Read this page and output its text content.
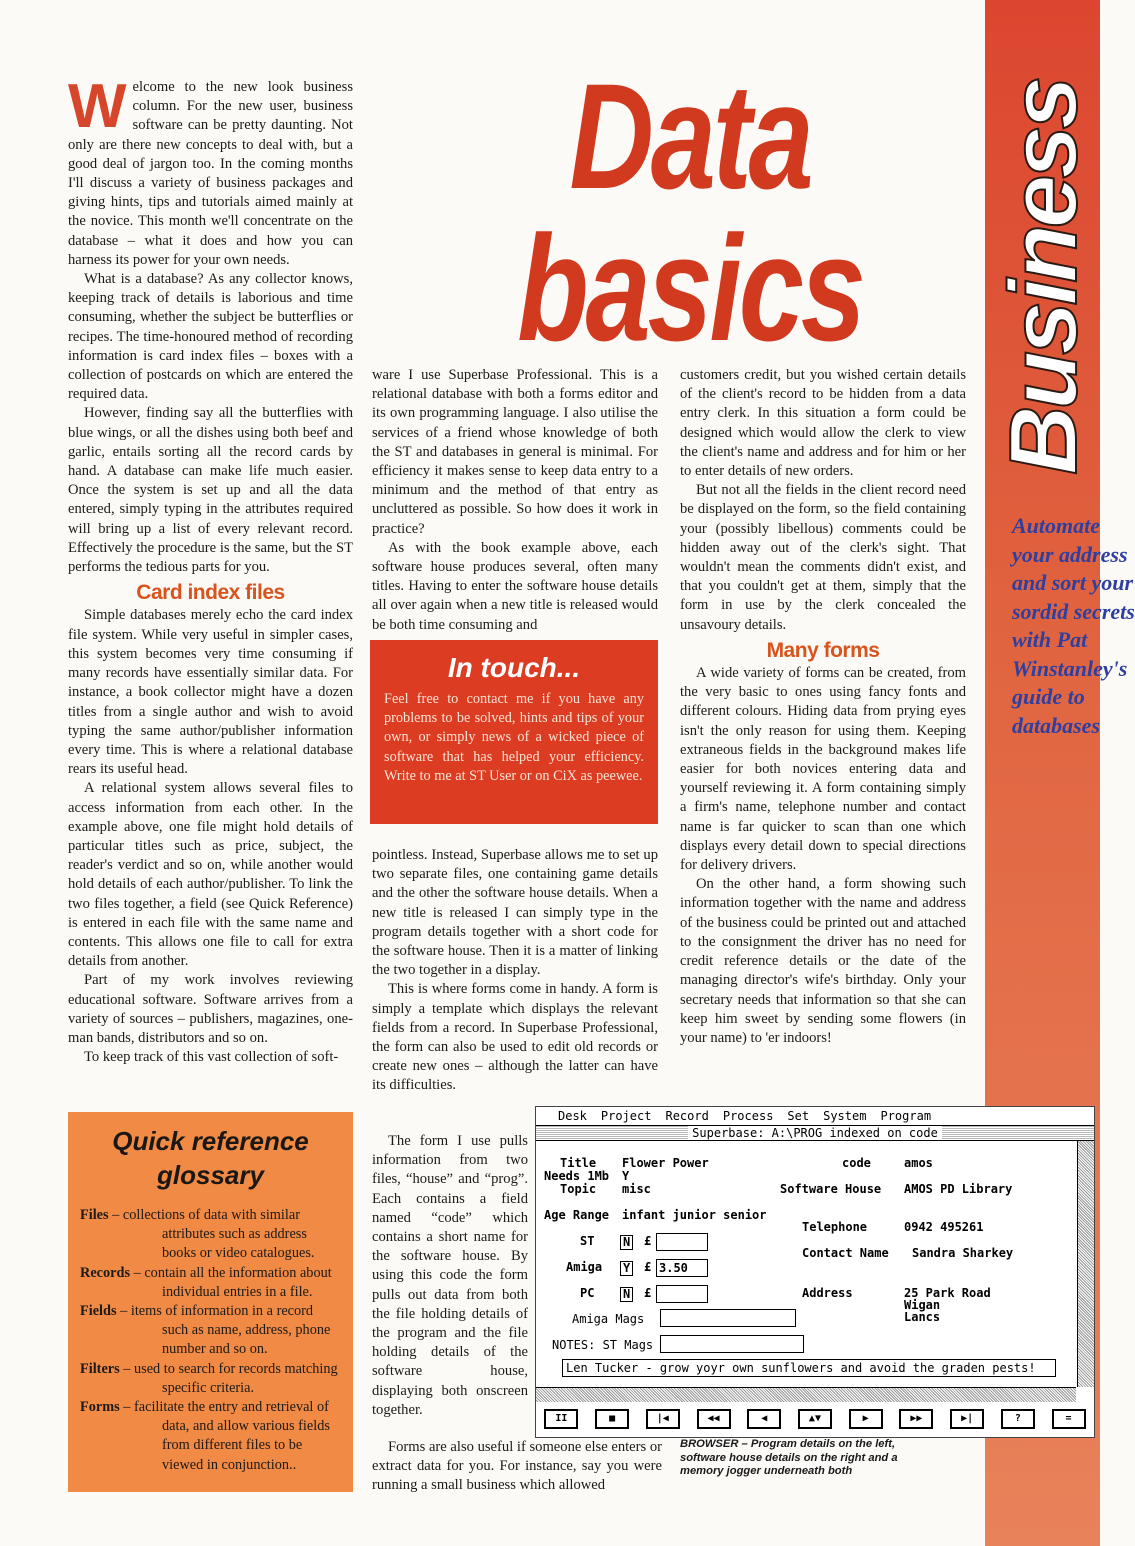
Data
basics Business
Automate
your address
and sort your
sordid secrets
with Pat
Winstanley's
guide to
databases

Welcome to the new look business column. For the new user, business software can be pretty daunting. Not only are there new concepts to deal with, but a good deal of jargon too. In the coming months I'll discuss a variety of business packages and giving hints, tips and tutorials aimed mainly at the novice. This month we'll concentrate on the database – what it does and how you can harness its power for your own needs.

What is a database? As any collector knows, keeping track of details is laborious and time consuming, whether the subject be butterflies or recipes. The time-honoured method of recording information is card index files – boxes with a collection of postcards on which are entered the required data.

However, finding say all the butterflies with blue wings, or all the dishes using both beef and garlic, entails sorting all the record cards by hand. A database can make life much easier. Once the system is set up and all the data entered, simply typing in the attributes required will bring up a list of every relevant record. Effectively the procedure is the same, but the ST performs the tedious parts for you.

Card index files

Simple databases merely echo the card index file system. While very useful in simpler cases, this system becomes very time consuming if many records have essentially similar data. For instance, a book collector might have a dozen titles from a single author and wish to avoid typing the same author/publisher information every time. This is where a relational database rears its useful head.

A relational system allows several files to access information from each other. In the example above, one file might hold details of particular titles such as price, subject, the reader's verdict and so on, while another would hold details of each author/publisher. To link the two files together, a field (see Quick Reference) is entered in each file with the same name and contents. This allows one file to call for extra details from another.

Part of my work involves reviewing educational software. Software arrives from a variety of sources – publishers, magazines, one-man bands, distributors and so on.

To keep track of this vast collection of soft-

ware I use Superbase Professional. This is a relational database with both a forms editor and its own programming language. I also utilise the services of a friend whose knowledge of both the ST and databases in general is minimal. For efficiency it makes sense to keep data entry to a minimum and the method of that entry as uncluttered as possible. So how does it work in practice?

As with the book example above, each software house produces several, often many titles. Having to enter the software house details all over again when a new title is released would be both time consuming and

In touch...

Feel free to contact me if you have any problems to be solved, hints and tips of your own, or simply news of a wicked piece of software that has helped your efficiency. Write to me at ST User or on CiX as peewee.

pointless. Instead, Superbase allows me to set up two separate files, one containing game details and the other the software house details. When a new title is released I can simply type in the program details together with a short code for the software house. Then it is a matter of linking the two together in a display.

This is where forms come in handy. A form is simply a template which displays the relevant fields from a record. In Superbase Professional, the form can also be used to edit old records or create new ones – although the latter can have its difficulties.

The form I use pulls information from two files, “house” and “prog”. Each contains a field named “code” which contains a short name for the software house. By using this code the form pulls out data from both the file holding details of the program and the file holding details of the software house, displaying both onscreen together.

Forms are also useful if someone else enters or extract data for you. For instance, say you were running a small business which allowed

customers credit, but you wished certain details of the client's record to be hidden from a data entry clerk. In this situation a form could be designed which would allow the clerk to view the client's name and address and for him or her to enter details of new orders.

But not all the fields in the client record need be displayed on the form, so the field containing your (possibly libellous) comments could be hidden away out of the clerk's sight. That wouldn't mean the comments didn't exist, and that you couldn't get at them, simply that the form in use by the clerk concealed the unsavoury details.

Many forms

A wide variety of forms can be created, from the very basic to ones using fancy fonts and different colours. Hiding data from prying eyes isn't the only reason for using them. Keeping extraneous fields in the background makes life easier for both novices entering data and yourself reviewing it. A form containing simply a firm's name, telephone number and contact name is far quicker to scan than one which displays every detail down to special directions for delivery drivers.

On the other hand, a form showing such information together with the name and address of the business could be printed out and attached to the consignment the driver has no need for credit reference details or the date of the managing director's wife's birthday. Only your secretary needs that information so that she can keep him sweet by sending some flowers (in your name) to 'er indoors!

Quick reference glossary
Files – collections of data with similar attributes such as address books or video catalogues.
Records – contain all the information about individual entries in a file.
Fields – items of information in a record such as name, address, phone number and so on.
Filters – used to search for records matching specific criteria.
Forms – facilitate the entry and retrieval of data, and allow various fields from different files to be viewed in conjunction..
Desk Project Record Process Set System Program
Superbase: A:\PROG indexed on code
Title Flower Power
Needs 1Mb Y
Topic misc
Age Range infant junior senior
ST N £
Amiga Y £ 3.50
PC N £
Amiga Mags
NOTES: ST Mags
Len Tucker - grow yoyr own sunflowers and avoid the graden pests!
code	amos
Software House AMOS PD Library
Telephone	0942 495261
Contact Name Sandra Sharkey
Address	25 Park Road
Wigan
Lancs
II	■	|◀	◀◀	◀	▲▼	▶	▶▶	▶|	?	=
BROWSER – Program details on the left, software house details on the right and a memory jogger underneath both
